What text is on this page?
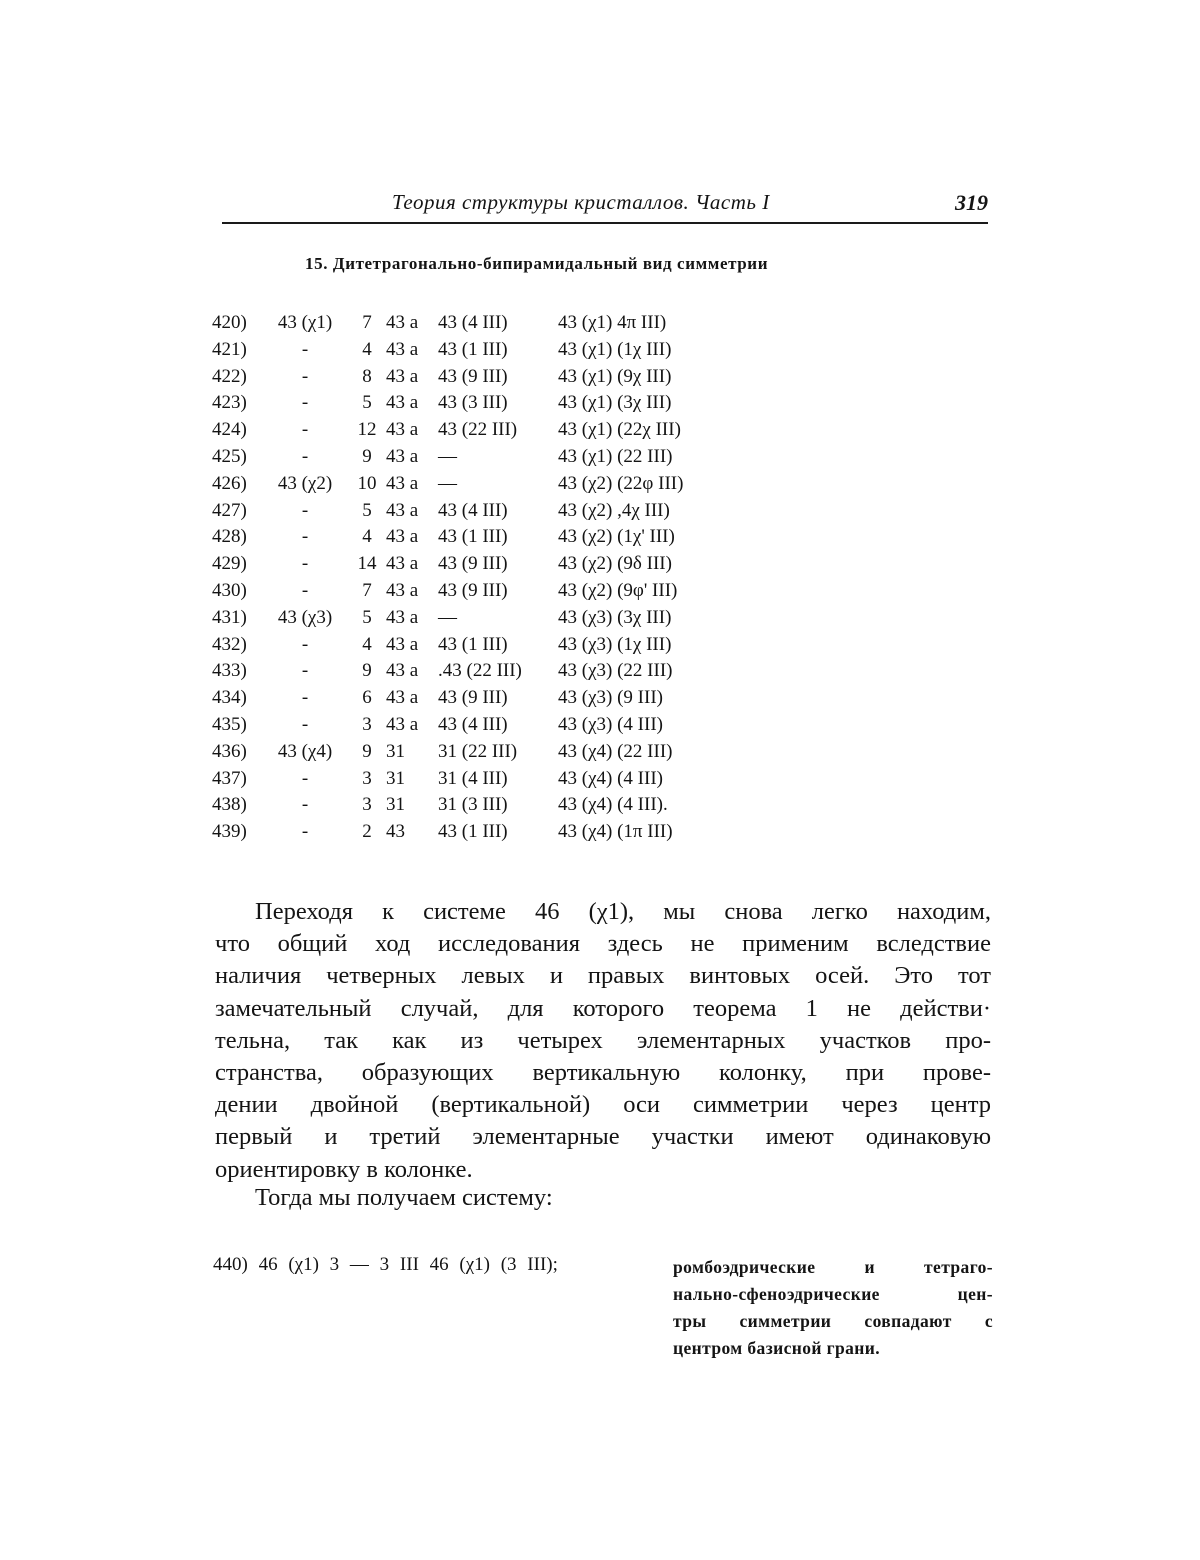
Теория структуры кристаллов. Часть I	319
15. Дитетрагонально-бипирамидальный вид симметрии
420)	43 (χ1)	7	43 a	43 (4 III)	43 (χ1) 4π III)
421)	-	4	43 a	43 (1 III)	43 (χ1) (1χ III)
422)	-	8	43 a	43 (9 III)	43 (χ1) (9χ III)
423)	-	5	43 a	43 (3 III)	43 (χ1) (3χ III)
424)	-	12	43 a	43 (22 III)	43 (χ1) (22χ III)
425)	-	9	43 a	—	43 (χ1) (22 III)
426)	43 (χ2)	10	43 a	—	43 (χ2) (22φ III)
427)	-	5	43 a	43 (4 III)	43 (χ2) ,4χ III)
428)	-	4	43 a	43 (1 III)	43 (χ2) (1χ' III)
429)	-	14	43 a	43 (9 III)	43 (χ2) (9δ III)
430)	-	7	43 a	43 (9 III)	43 (χ2) (9φ' III)
431)	43 (χ3)	5	43 a	—	43 (χ3) (3χ III)
432)	-	4	43 a	43 (1 III)	43 (χ3) (1χ III)
433)	-	9	43 a	.43 (22 III)	43 (χ3) (22 III)
434)	-	6	43 a	43 (9 III)	43 (χ3) (9 III)
435)	-	3	43 a	43 (4 III)	43 (χ3) (4 III)
436)	43 (χ4)	9	31	31 (22 III)	43 (χ4) (22 III)
437)	-	3	31	31 (4 III)	43 (χ4) (4 III)
438)	-	3	31	31 (3 III)	43 (χ4) (4 III).
439)	-	2	43	43 (1 III)	43 (χ4) (1π III)
Переходя к системе 46 (χ1), мы снова легко находим,
что общий ход исследования здесь не применим вследствие
наличия четверных левых и правых винтовых осей. Это тот
замечательный случай, для которого теорема 1 не действи·
тельна, так как из четырех элементарных участков про-
странства, образующих вертикальную колонку, при прове-
дении двойной (вертикальной) оси симметрии через центр
первый и третий элементарные участки имеют одинаковую
ориентировку в колонке.

Тогда мы получаем систему:

440) 46 (χ1) 3 — 3 III 46 (χ1) (3 III);	ромбоэдрические и тетраго-
нально-сфеноэдрические цен-
тры симметрии совпадают с
центром базисной грани.
